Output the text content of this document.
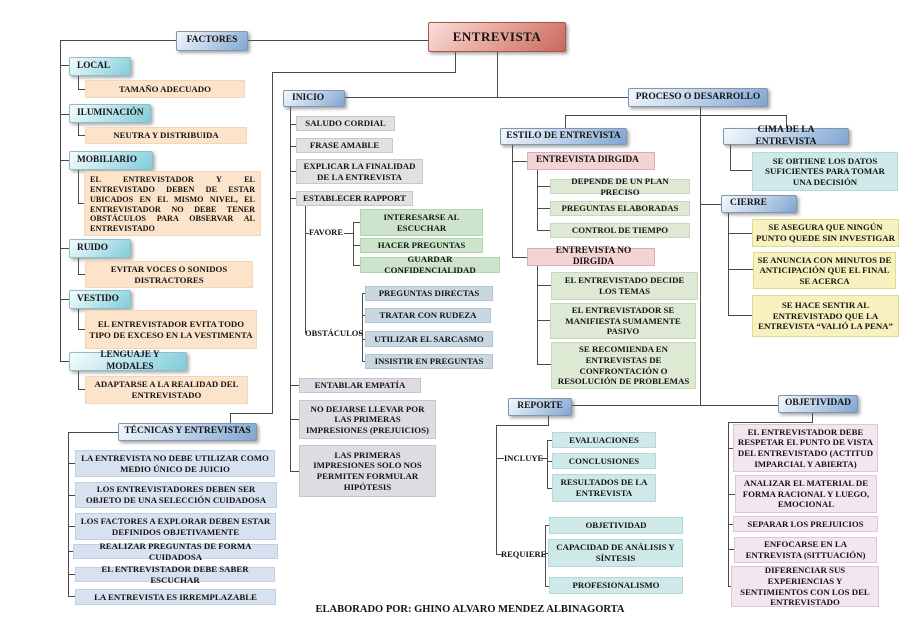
ENTREVISTA
FACTORES
LOCAL
TAMAÑO ADECUADO
ILUMINACIÓN
NEUTRA Y DISTRIBUIDA
MOBILIARIO
EL ENTREVISTADOR Y EL ENTREVISTADO DEBEN DE ESTAR UBICADOS EN EL MISMO NIVEL, EL ENTREVISTADOR NO DEBE TENER OBSTÁCULOS PARA OBSERVAR AL ENTREVISTADO
RUIDO
EVITAR VOCES O SONIDOS DISTRACTORES
VESTIDO
EL ENTREVISTADOR EVITA TODO TIPO DE EXCESO EN LA VESTIMENTA
LENGUAJE Y MODALES
ADAPTARSE A LA REALIDAD DEL ENTREVISTADO
TÉCNICAS Y ENTREVISTAS
LA ENTREVISTA NO DEBE UTILIZAR COMO MEDIO ÚNICO DE JUICIO
LOS ENTREVISTADORES DEBEN SER OBJETO DE UNA SELECCIÓN CUIDADOSA
LOS FACTORES A EXPLORAR DEBEN ESTAR DEFINIDOS OBJETIVAMENTE
REALIZAR PREGUNTAS DE FORMA CUIDADOSA
EL ENTREVISTADOR DEBE SABER ESCUCHAR
LA ENTREVISTA ES IRREMPLAZABLE
INICIO
SALUDO CORDIAL
FRASE AMABLE
EXPLICAR LA FINALIDAD DE LA ENTREVISTA
ESTABLECER RAPPORT
FAVORE
INTERESARSE AL ESCUCHAR
HACER PREGUNTAS
GUARDAR CONFIDENCIALIDAD
OBSTÁCULOS
PREGUNTAS DIRECTAS
TRATAR CON RUDEZA
UTILIZAR EL SARCASMO
INSISTIR EN PREGUNTAS
ENTABLAR EMPATÍA
NO DEJARSE LLEVAR POR LAS PRIMERAS IMPRESIONES (PREJUICIOS)
LAS PRIMERAS IMPRESIONES SOLO NOS PERMITEN FORMULAR HIPÓTESIS
PROCESO O DESARROLLO
ESTILO DE ENTREVISTA
ENTREVISTA DIRGIDA
DEPENDE DE UN PLAN PRECISO
PREGUNTAS ELABORADAS
CONTROL DE TIEMPO
ENTREVISTA NO DIRGIDA
EL ENTREVISTADO DECIDE LOS TEMAS
EL ENTREVISTADOR SE MANIFIESTA SUMAMENTE PASIVO
SE RECOMIENDA EN ENTREVISTAS DE CONFRONTACIÓN O RESOLUCIÓN DE PROBLEMAS
CIMA DE LA ENTREVISTA
SE OBTIENE LOS DATOS SUFICIENTES PARA TOMAR UNA DECISIÓN
CIERRE
SE ASEGURA QUE NINGÚN PUNTO QUEDE SIN INVESTIGAR
SE ANUNCIA CON MINUTOS DE ANTICIPACIÓN QUE EL FINAL SE ACERCA
SE HACE SENTIR AL ENTREVISTADO QUE LA ENTREVISTA “VALIÓ LA PENA”
REPORTE
INCLUYE
EVALUACIONES
CONCLUSIONES
RESULTADOS DE LA ENTREVISTA
REQUIERE
OBJETIVIDAD
CAPACIDAD DE ANÁLISIS Y SÍNTESIS
PROFESIONALISMO
OBJETIVIDAD
EL ENTREVISTADOR DEBE RESPETAR EL PUNTO DE VISTA DEL ENTREVISTADO (ACTITUD IMPARCIAL Y ABIERTA)
ANALIZAR EL MATERIAL DE FORMA RACIONAL Y LUEGO, EMOCIONAL
SEPARAR LOS PREJUICIOS
ENFOCARSE EN LA ENTREVISTA (SITTUACIÓN)
DIFERENCIAR SUS EXPERIENCIAS Y SENTIMIENTOS CON LOS DEL ENTREVISTADO
ELABORADO POR: GHINO ALVARO MENDEZ ALBINAGORTA
